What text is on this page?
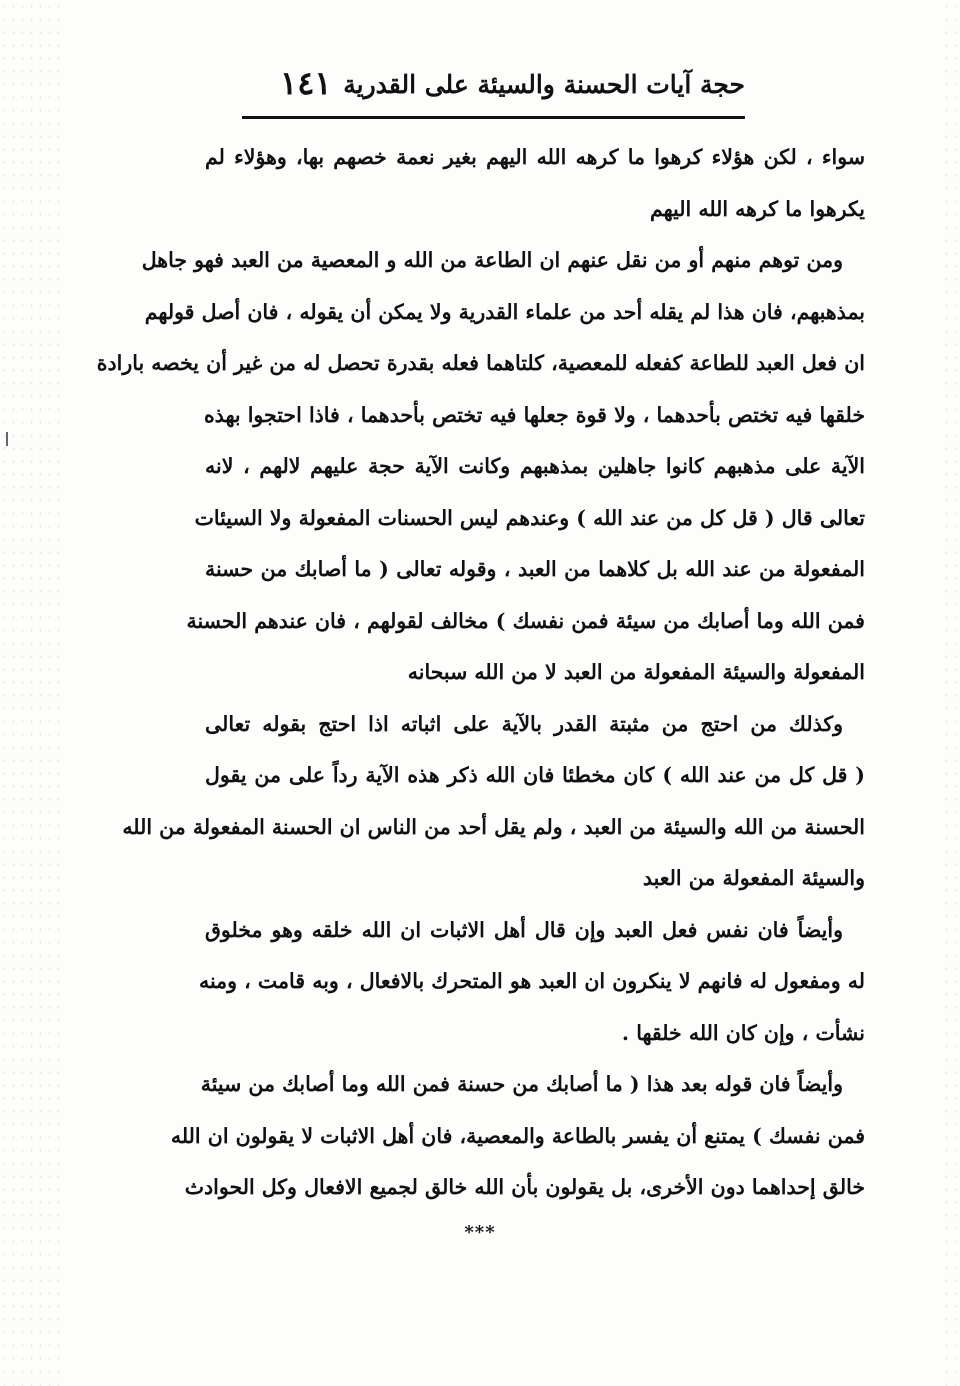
حجة آيات الحسنة والسيئة على القدرية
١٤١
سواء ، لكن هؤلاء كرهوا ما كرهه الله اليهم بغير نعمة خصهم بها، وهؤلاء لم
يكرهوا ما كرهه الله اليهم
ومن توهم منهم أو من نقل عنهم ان الطاعة من الله و المعصية من العبد فهو جاهل
بمذهبهم، فان هذا لم يقله أحد من علماء القدرية ولا يمكن أن يقوله ، فان أصل قولهم
ان فعل العبد للطاعة كفعله للمعصية، كلتاهما فعله بقدرة تحصل له من غير أن يخصه بارادة
خلقها فيه تختص بأحدهما ، ولا قوة جعلها فيه تختص بأحدهما ، فاذا احتجوا بهذه
الآية على مذهبهم كانوا جاهلين بمذهبهم وكانت الآية حجة عليهم لالهم ، لانه
تعالى قال ( قل كل من عند الله ) وعندهم ليس الحسنات المفعولة ولا السيئات
المفعولة من عند الله بل كلاهما من العبد ، وقوله تعالى ( ما أصابك من حسنة
فمن الله وما أصابك من سيئة فمن نفسك ) مخالف لقولهم ، فان عندهم الحسنة
المفعولة والسيئة المفعولة من العبد لا من الله سبحانه
وكذلك من احتج من مثبتة القدر بالآية على اثباته اذا احتج بقوله تعالى
( قل كل من عند الله ) كان مخطئا فان الله ذكر هذه الآية رداً على من يقول
الحسنة من الله والسيئة من العبد ، ولم يقل أحد من الناس ان الحسنة المفعولة من الله
والسيئة المفعولة من العبد
وأيضاً فان نفس فعل العبد وإن قال أهل الاثبات ان الله خلقه وهو مخلوق
له ومفعول له فانهم لا ينكرون ان العبد هو المتحرك بالافعال ، وبه قامت ، ومنه
نشأت ، وإن كان الله خلقها .
وأيضاً فان قوله بعد هذا ( ما أصابك من حسنة فمن الله وما أصابك من سيئة
فمن نفسك ) يمتنع أن يفسر بالطاعة والمعصية، فان أهل الاثبات لا يقولون ان الله
خالق إحداهما دون الأخرى، بل يقولون بأن الله خالق لجميع الافعال وكل الحوادث
***
